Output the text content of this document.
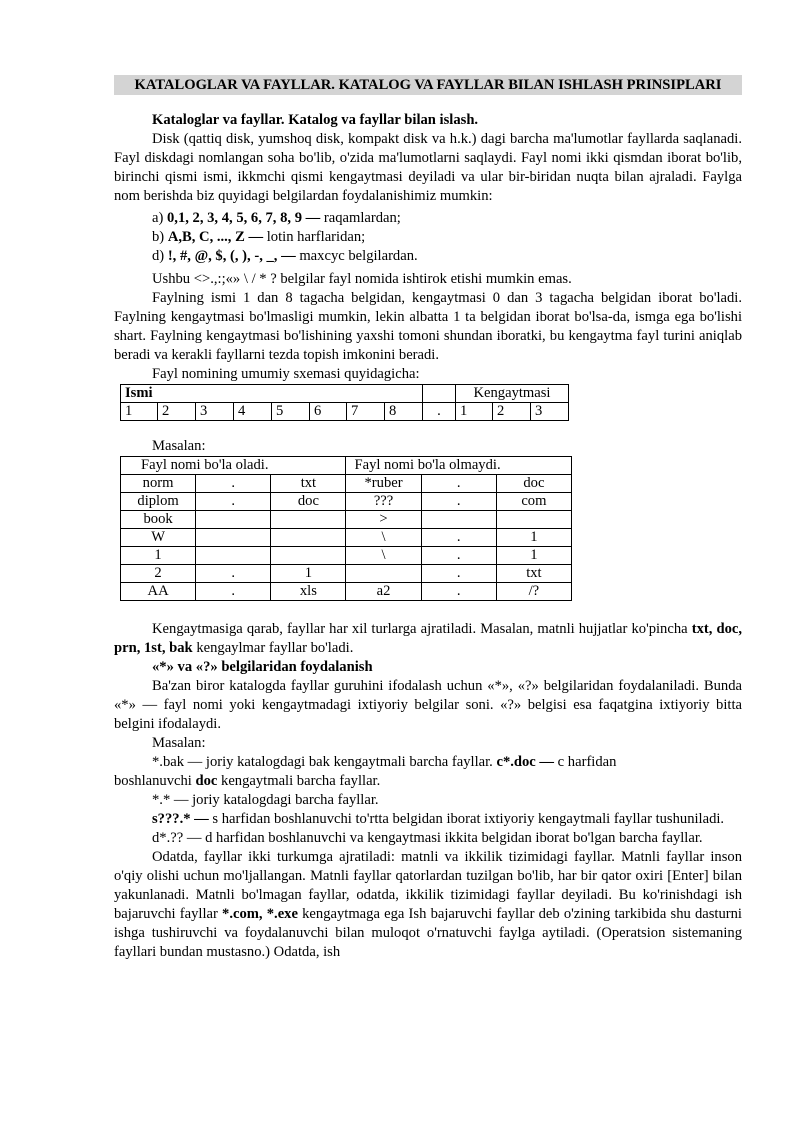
KATALOGLAR VA FAYLLAR. KATALOG VA FAYLLAR BILAN ISHLASH PRINSIPLARI

Kataloglar va fayllar. Katalog va fayllar bilan islash.

Disk (qattiq disk, yumshoq disk, kompakt disk va h.k.) dagi barcha ma'lumotlar fayllarda saqlanadi. Fayl diskdagi nomlangan soha bo'lib, o'zida ma'lumotlarni saqlaydi. Fayl nomi ikki qismdan iborat bo'lib, birinchi qismi ismi, ikkmchi qismi kengaytmasi deyiladi va ular bir-biridan nuqta bilan ajraladi. Faylga nom berishda biz quyidagi belgilardan foydalanishimiz mumkin:

a) 0,1, 2, 3, 4, 5, 6, 7, 8, 9 — raqamlardan;

b) A,B, C, ..., Z — lotin harflaridan;

d) !, #, @, $, (, ), -, _, — maxcyc belgilardan.

Ushbu <>.,:;«» \ / * ? belgilar fayl nomida ishtirok etishi mumkin emas.

Faylning ismi 1 dan 8 tagacha belgidan, kengaytmasi 0 dan 3 tagacha belgidan iborat bo'ladi. Faylning kengaytmasi bo'lmasligi mumkin, lekin albatta 1 ta belgidan iborat bo'lsa-da, ismga ega bo'lishi shart. Faylning kengaytmasi bo'lishining yaxshi tomoni shundan iboratki, bu kengaytma fayl turini aniqlab beradi va kerakli fayllarni tezda topish imkonini beradi.

Fayl nomining umumiy sxemasi quyidagicha:

Ismi									Kengaytmasi		
1	2	3	4	5	6	7	8	.	1	2	3

Masalan:

Fayl nomi bo'la oladi.			Fayl nomi bo'la olmaydi.		
norm	.	txt	*ruber	.	doc
diplom	.	doc	???	.	com
book			>		
W			\	.	1
1			\	.	1
2	.	1		.	txt
AA	.	xls	a2	.	/?

Kengaytmasiga qarab, fayllar har xil turlarga ajratiladi. Masalan, matnli hujjatlar ko'pincha txt, doc, prn, 1st, bak kengaylmar fayllar bo'ladi.

«*» va «?» belgilaridan foydalanish

Ba'zan biror katalogda fayllar guruhini ifodalash uchun «*», «?» belgilaridan foydalaniladi. Bunda «*» — fayl nomi yoki kengaytmadagi ixtiyoriy belgilar soni. «?» belgisi esa faqatgina ixtiyoriy bitta belgini ifodalaydi.

Masalan:

*.bak — joriy katalogdagi bak kengaytmali barcha fayllar. c*.doc — c harfidan

boshlanuvchi doc kengaytmali barcha fayllar.

*.* — joriy katalogdagi barcha fayllar.

s???.* — s harfidan boshlanuvchi to'rtta belgidan iborat ixtiyoriy kengaytmali fayllar tushuniladi.

d*.?? — d harfidan boshlanuvchi va kengaytmasi ikkita belgidan iborat bo'lgan barcha fayllar.

Odatda, fayllar ikki turkumga ajratiladi: matnli va ikkilik tizimidagi fayllar. Matnli fayllar inson o'qiy olishi uchun mo'ljallangan. Matnli fayllar qatorlardan tuzilgan bo'lib, har bir qator oxiri [Enter] bilan yakunlanadi. Matnli bo'lmagan fayllar, odatda, ikkilik tizimidagi fayllar deyiladi. Bu ko'rinishdagi ish bajaruvchi fayllar *.com, *.exe kengaytmaga ega Ish bajaruvchi fayllar deb o'zining tarkibida shu dasturni ishga tushiruvchi va foydalanuvchi bilan muloqot o'rnatuvchi faylga aytiladi. (Operatsion sistemaning fayllari bundan mustasno.) Odatda, ish
